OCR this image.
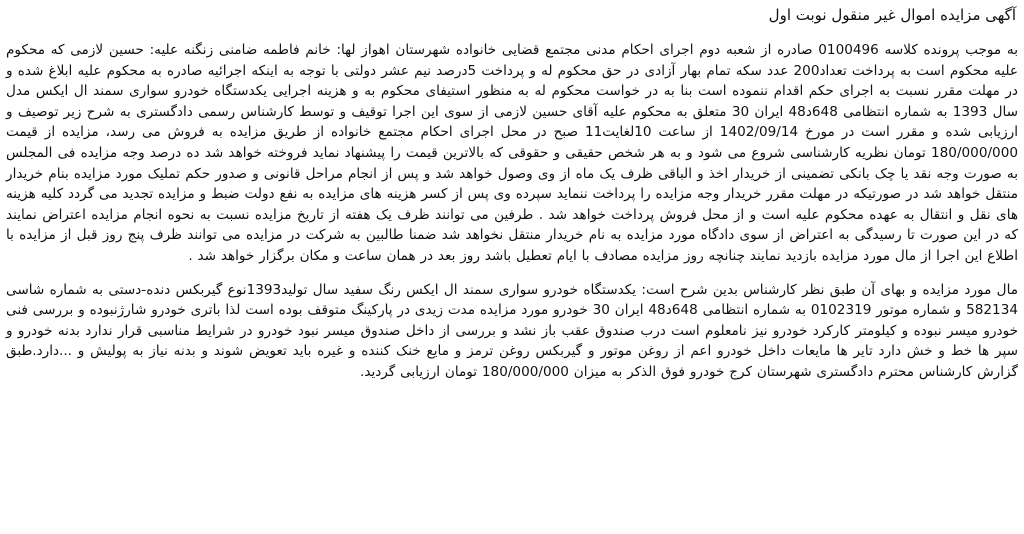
آگهی مزایده اموال غیر منقول نوبت اول

به موجب پرونده کلاسه 0100496 صادره از شعبه دوم اجرای احکام مدنی مجتمع قضایی خانواده شهرستان اهواز لها: خانم فاطمه ضامنی زنگنه علیه: حسین لازمی که محکوم علیه محکوم است به پرداخت تعداد200 عدد سکه تمام بهار آزادی در حق محکوم له و پرداخت 5درصد نیم عشر دولتی با توجه به اینکه اجرائیه صادره به محکوم علیه ابلاغ شده و در مهلت مقرر نسبت به اجرای حکم اقدام ننموده است بنا به در خواست محکوم له به منظور استیفای محکوم به و هزینه اجرایی یکدستگاه خودرو سواری سمند ال ایکس مدل سال 1393 به شماره انتظامی 648د48 ایران 30 متعلق به محکوم علیه آقای حسین لازمی از سوی این اجرا توقیف و توسط کارشناس رسمی دادگستری به شرح زیر توصیف و ارزیابی شده و مقرر است در مورخ 1402/09/14 از ساعت 10لغایت11 صبح در محل اجرای احکام مجتمع خانواده از طریق مزایده به فروش می رسد، مزایده از قیمت 180/000/000 تومان نظریه کارشناسی شروع می شود و به هر شخص حقیقی و حقوقی که بالاترین قیمت را پیشنهاد نماید فروخته خواهد شد ده درصد وجه مزایده فی المجلس به صورت وجه نقد یا چک بانکی تضمینی از خریدار اخذ و الباقی ظرف یک ماه از وی وصول خواهد شد و پس از انجام مراحل قانونی و صدور حکم تملیک مورد مزایده بنام خریدار منتقل خواهد شد در صورتیکه در مهلت مقرر خریدار وجه مزایده را پرداخت ننماید سپرده وی پس از کسر هزینه های مزایده به نفع دولت ضبط و مزایده تجدید می گردد کلیه هزینه های نقل و انتقال به عهده محکوم علیه است و از محل فروش پرداخت خواهد شد . طرفین می توانند ظرف یک هفته از تاریخ مزایده نسبت به نحوه انجام مزایده اعتراض نمایند که در این صورت تا رسیدگی به اعتراض از سوی دادگاه مورد مزایده به نام خریدار منتقل نخواهد شد ضمنا طالبین به شرکت در مزایده می توانند ظرف پنج روز قبل از مزایده با اطلاع این اجرا از مال مورد مزایده بازدید نمایند چنانچه روز مزایده مصادف با ایام تعطیل باشد روز بعد در همان ساعت و مکان برگزار خواهد شد .

مال مورد مزایده و بهای آن طبق نظر کارشناس بدین شرح است: یکدستگاه خودرو سواری سمند ال ایکس رنگ سفید سال تولید1393نوع گیربکس دنده-دستی به شماره شاسی 582134 و شماره موتور 0102319 به شماره انتظامی 648د48 ایران 30 خودرو مورد مزایده مدت زیدی در پارکینگ متوقف بوده است لذا باتری خودرو شارژنبوده و بررسی فنی خودرو میسر نبوده و کیلومتر کارکرد خودرو نیز نامعلوم است درب صندوق عقب باز نشد و بررسی از داخل صندوق میسر نبود خودرو در شرایط مناسبی قرار ندارد بدنه خودرو و سپر ها خط و خش دارد تایر ها مایعات داخل خودرو اعم از روغن موتور و گیربکس روغن ترمز و مایع خنک کننده و غیره باید تعویض شوند و بدنه نیاز به پولیش و ...دارد.طبق گزارش کارشناس محترم دادگستری شهرستان کرج خودرو فوق الذکر به میزان 180/000/000 تومان ارزیابی گردید.
